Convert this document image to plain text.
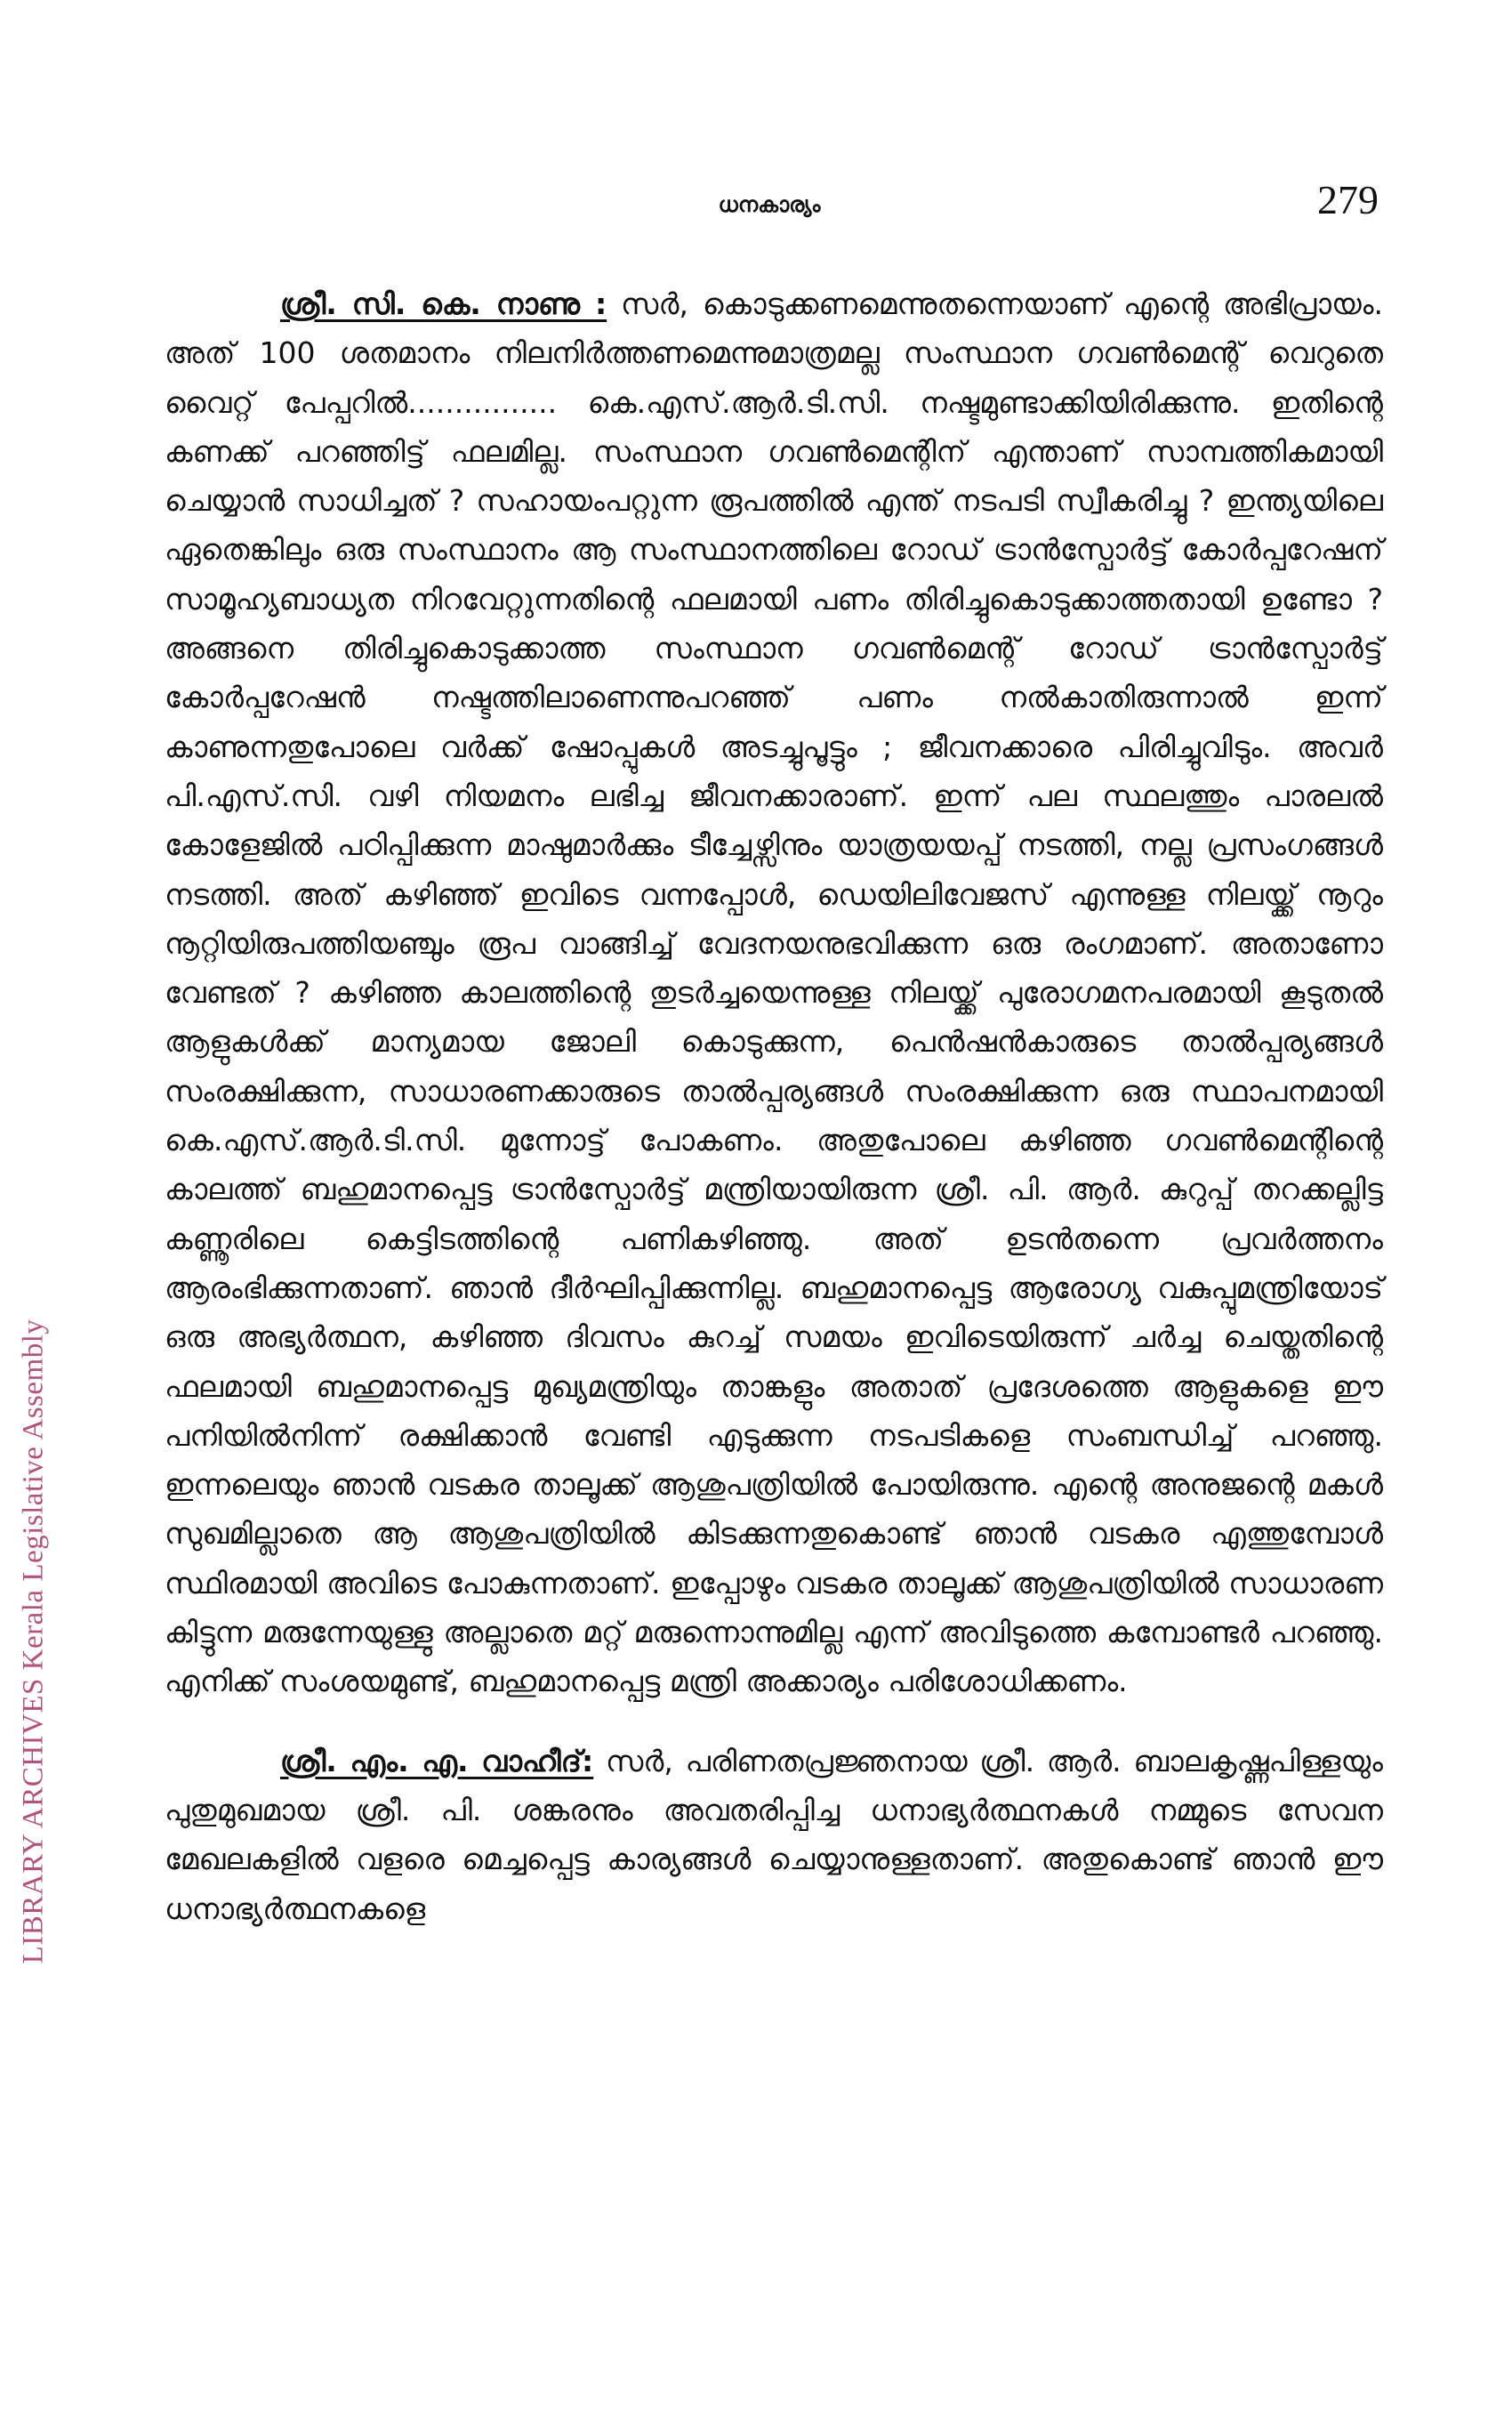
LIBRARY ARCHIVES Kerala Legislative Assembly
ധനകാര്യം	279

ശ്രീ. സി. കെ. നാണു : സർ, കൊടുക്കണമെന്നുതന്നെയാണ് എന്റെ അഭിപ്രായം. അത് 100 ശതമാനം നിലനിർത്തണമെന്നുമാത്രമല്ല സംസ്ഥാന ഗവൺമെന്റ് വെറുതെ വൈറ്റ് പേപ്പറിൽ................ കെ.എസ്.ആർ.ടി.സി. നഷ്ടമുണ്ടാക്കിയിരിക്കുന്നു. ഇതിന്റെ കണക്ക് പറഞ്ഞിട്ട് ഫലമില്ല. സംസ്ഥാന ഗവൺമെന്റിന് എന്താണ് സാമ്പത്തികമായി ചെയ്യാൻ സാധിച്ചത് ? സഹായംപറ്റുന്ന രൂപത്തിൽ എന്ത് നടപടി സ്വീകരിച്ചു ? ഇന്ത്യയിലെ ഏതെങ്കിലും ഒരു സംസ്ഥാനം ആ സംസ്ഥാനത്തിലെ റോഡ് ട്രാൻസ്പോർട്ട് കോർപ്പറേഷന് സാമൂഹ്യബാധ്യത നിറവേറ്റുന്നതിന്റെ ഫലമായി പണം തിരിച്ചുകൊടുക്കാത്തതായി ഉണ്ടോ ? അങ്ങനെ തിരിച്ചുകൊടുക്കാത്ത സംസ്ഥാന ഗവൺമെന്റ് റോഡ് ട്രാൻസ്പോർട്ട് കോർപ്പറേഷൻ നഷ്ടത്തിലാണെന്നുപറഞ്ഞ് പണം നൽകാതിരുന്നാൽ ഇന്ന് കാണുന്നതുപോലെ വർക്ക് ഷോപ്പുകൾ അടച്ചുപൂട്ടും ; ജീവനക്കാരെ പിരിച്ചുവിടും. അവർ പി.എസ്.സി. വഴി നിയമനം ലഭിച്ച ജീവനക്കാരാണ്. ഇന്ന് പല സ്ഥലത്തും പാരലൽ കോളേജിൽ പഠിപ്പിക്കുന്ന മാഷുമാർക്കും ടീച്ചേഴ്സിനും യാത്രയയപ്പ് നടത്തി, നല്ല പ്രസംഗങ്ങൾ നടത്തി. അത് കഴിഞ്ഞ് ഇവിടെ വന്നപ്പോൾ, ഡെയിലിവേജസ് എന്നുള്ള നിലയ്ക്ക് നൂറും നൂറ്റിയിരുപത്തിയഞ്ചും രൂപ വാങ്ങിച്ച് വേദനയനുഭവിക്കുന്ന ഒരു രംഗമാണ്. അതാണോ വേണ്ടത് ? കഴിഞ്ഞ കാലത്തിന്റെ തുടർച്ചയെന്നുള്ള നിലയ്ക്ക് പുരോഗമനപരമായി കൂടുതൽ ആളുകൾക്ക് മാന്യമായ ജോലി കൊടുക്കുന്ന, പെൻഷൻകാരുടെ താൽപ്പര്യങ്ങൾ സംരക്ഷിക്കുന്ന, സാധാരണക്കാരുടെ താൽപ്പര്യങ്ങൾ സംരക്ഷിക്കുന്ന ഒരു സ്ഥാപനമായി കെ.എസ്.ആർ.ടി.സി. മുന്നോട്ട് പോകണം. അതുപോലെ കഴിഞ്ഞ ഗവൺമെന്റിന്റെ കാലത്ത് ബഹുമാനപ്പെട്ട ട്രാൻസ്പോർട്ട് മന്ത്രിയായിരുന്ന ശ്രീ. പി. ആർ. കുറുപ്പ് തറക്കല്ലിട്ട കണ്ണൂരിലെ കെട്ടിടത്തിന്റെ പണികഴിഞ്ഞു. അത് ഉടൻതന്നെ പ്രവർത്തനം ആരംഭിക്കുന്നതാണ്. ഞാൻ ദീർഘിപ്പിക്കുന്നില്ല. ബഹുമാനപ്പെട്ട ആരോഗ്യ വകുപ്പുമന്ത്രിയോട് ഒരു അഭ്യർത്ഥന, കഴിഞ്ഞ ദിവസം കുറച്ച് സമയം ഇവിടെയിരുന്ന് ചർച്ച ചെയ്തതിന്റെ ഫലമായി ബഹുമാനപ്പെട്ട മുഖ്യമന്ത്രിയും താങ്കളും അതാത് പ്രദേശത്തെ ആളുകളെ ഈ പനിയിൽനിന്ന് രക്ഷിക്കാൻ വേണ്ടി എടുക്കുന്ന നടപടികളെ സംബന്ധിച്ച് പറഞ്ഞു. ഇന്നലെയും ഞാൻ വടകര താലൂക്ക് ആശുപത്രിയിൽ പോയിരുന്നു. എന്റെ അനുജന്റെ മകൾ സുഖമില്ലാതെ ആ ആശുപത്രിയിൽ കിടക്കുന്നതുകൊണ്ട് ഞാൻ വടകര എത്തുമ്പോൾ സ്ഥിരമായി അവിടെ പോകുന്നതാണ്. ഇപ്പോഴും വടകര താലൂക്ക് ആശുപത്രിയിൽ സാധാരണ കിട്ടുന്ന മരുന്നേയുള്ളു അല്ലാതെ മറ്റ് മരുന്നൊന്നുമില്ല എന്ന് അവിടുത്തെ കമ്പോണ്ടർ പറഞ്ഞു. എനിക്ക് സംശയമുണ്ട്, ബഹുമാനപ്പെട്ട മന്ത്രി അക്കാര്യം പരിശോധിക്കണം.

ശ്രീ. എം. എ. വാഹീദ്: സർ, പരിണതപ്രജ്ഞനായ ശ്രീ. ആർ. ബാലകൃഷ്ണപിള്ളയും പുതുമുഖമായ ശ്രീ. പി. ശങ്കരനും അവതരിപ്പിച്ച ധനാഭ്യർത്ഥനകൾ നമ്മുടെ സേവന മേഖലകളിൽ വളരെ മെച്ചപ്പെട്ട കാര്യങ്ങൾ ചെയ്യാനുള്ളതാണ്. അതുകൊണ്ട് ഞാൻ ഈ ധനാഭ്യർത്ഥനകളെ
